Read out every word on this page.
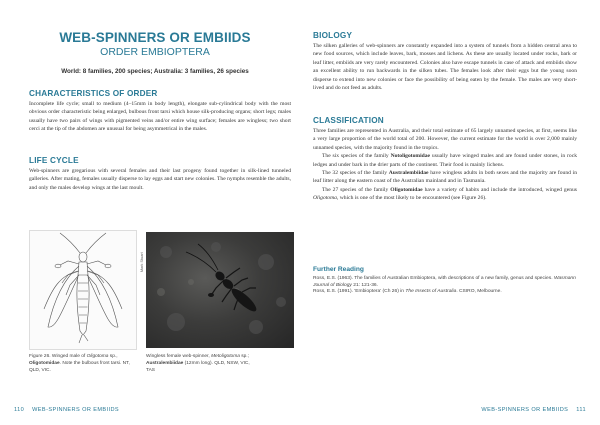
WEB-SPINNERS OR EMBIIDS
ORDER EMBIOPTERA
World: 8 families, 200 species; Australia: 3 families, 26 species
CHARACTERISTICS OF ORDER

Incomplete life cycle; small to medium (4–15mm in body length), elongate sub-cylindrical body with the most obvious order characteristic being enlarged, bulbous front tarsi which house silk-producing organs; short legs; males usually have two pairs of wings with pigmented veins and/or entire wing surface; females are wingless; two short cerci at the tip of the abdomen are unusual for being asymmetrical in the males.

LIFE CYCLE

Web-spinners are gregarious with several females and their last progeny found together in silk-lined tunneled galleries. After mating, females usually disperse to lay eggs and start new colonies. The nymphs resemble the adults, and only the males develop wings at the last moult.

Mark Stuart
Figure 26. Winged male of Oligotoma sp., Oligotomidae. Note the bulbous front tarsi. NT, QLD, VIC.
Wingless female web-spinner, Metoligotoma sp.; Australembiidae (12mm long). QLD, NSW, VIC, TAS
BIOLOGY

The silken galleries of web-spinners are constantly expanded into a system of tunnels from a hidden central area to new food sources, which include leaves, bark, mosses and lichens. As these are usually located under rocks, bark or leaf litter, embiids are very rarely encountered. Colonies also have escape tunnels in case of attack and embiids show an excellent ability to run backwards in the silken tubes. The females look after their eggs but the young soon disperse to extend into new colonies or face the possibility of being eaten by the female. The males are very short-lived and do not feed as adults.

CLASSIFICATION

Three families are represented in Australia, and their total estimate of 65 largely unnamed species, at first, seems like a very large proportion of the world total of 200. However, the current estimate for the world is over 2,000 mainly unnamed species, with the majority found in the tropics.

The six species of the family Notoligotomidae usually have winged males and are found under stones, in rock ledges and under bark in the drier parts of the continent. Their food is mainly lichens.

The 32 species of the family Australembiidae have wingless adults in both sexes and the majority are found in leaf litter along the eastern coast of the Australian mainland and in Tasmania.

The 27 species of the family Oligotomidae have a variety of habits and include the introduced, winged genus Oligotoma, which is one of the most likely to be encountered (see Figure 26).

Further Reading

Ross, E.S. (1963). The families of Australian Embioptera, with descriptions of a new family, genus and species. Wasmann Journal of Biology 21: 121-36.

Ross, E.S. (1991). 'Embioptera' (Ch 26) in The Insects of Australia. CSIRO, Melbourne.

110 WEB-SPINNERS OR EMBIIDS	WEB-SPINNERS OR EMBIIDS 111
